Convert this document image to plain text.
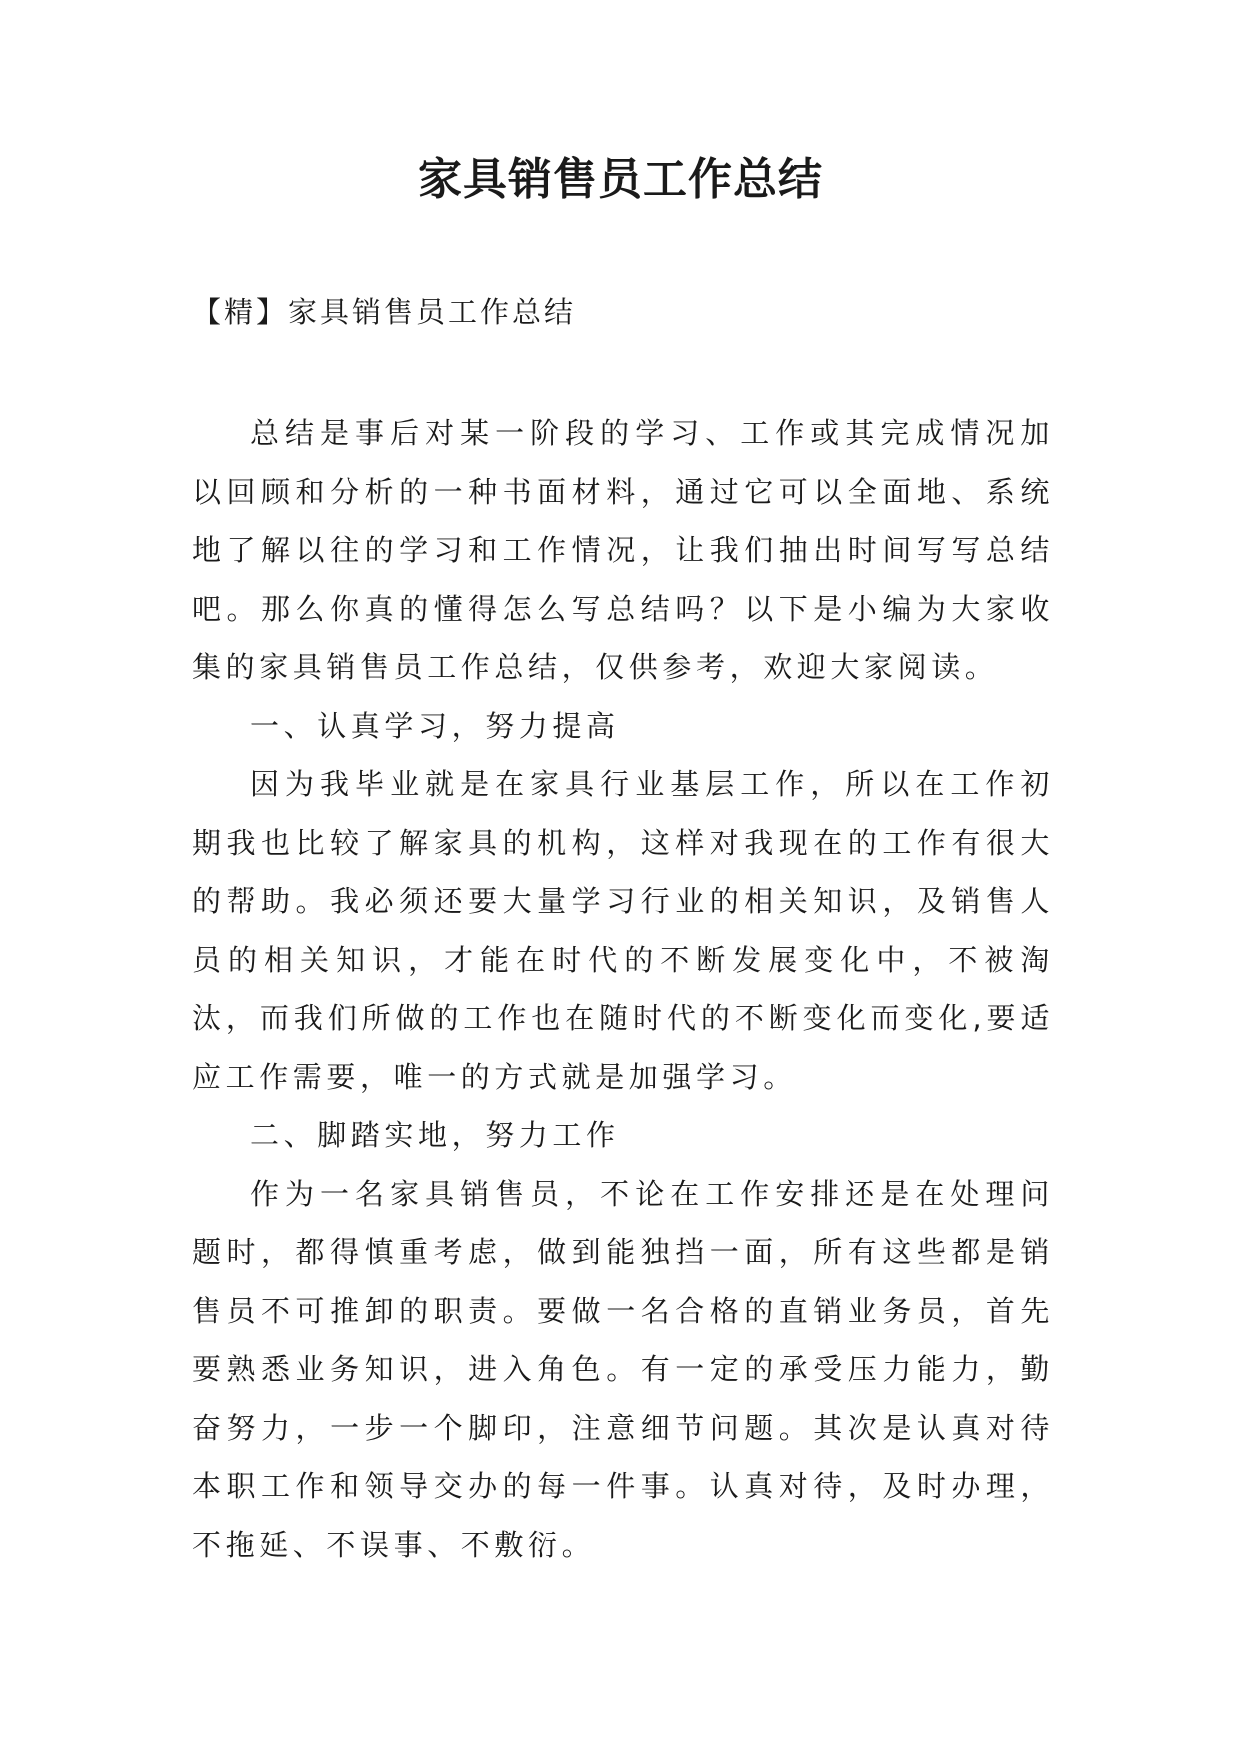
家具销售员工作总结
【精】家具销售员工作总结

总结是事后对某一阶段的学习、工作或其完成情况加以回顾和分析的一种书面材料，通过它可以全面地、系统地了解以往的学习和工作情况，让我们抽出时间写写总结吧。那么你真的懂得怎么写总结吗？以下是小编为大家收集的家具销售员工作总结，仅供参考，欢迎大家阅读。

一、认真学习，努力提高

因为我毕业就是在家具行业基层工作，所以在工作初期我也比较了解家具的机构，这样对我现在的工作有很大的帮助。我必须还要大量学习行业的相关知识，及销售人员的相关知识，才能在时代的不断发展变化中，不被淘汰，而我们所做的工作也在随时代的不断变化而变化,要适应工作需要，唯一的方式就是加强学习。

二、脚踏实地，努力工作

作为一名家具销售员，不论在工作安排还是在处理问题时，都得慎重考虑，做到能独挡一面，所有这些都是销售员不可推卸的职责。要做一名合格的直销业务员，首先要熟悉业务知识，进入角色。有一定的承受压力能力，勤奋努力，一步一个脚印，注意细节问题。其次是认真对待本职工作和领导交办的每一件事。认真对待，及时办理，不拖延、不误事、不敷衍。
